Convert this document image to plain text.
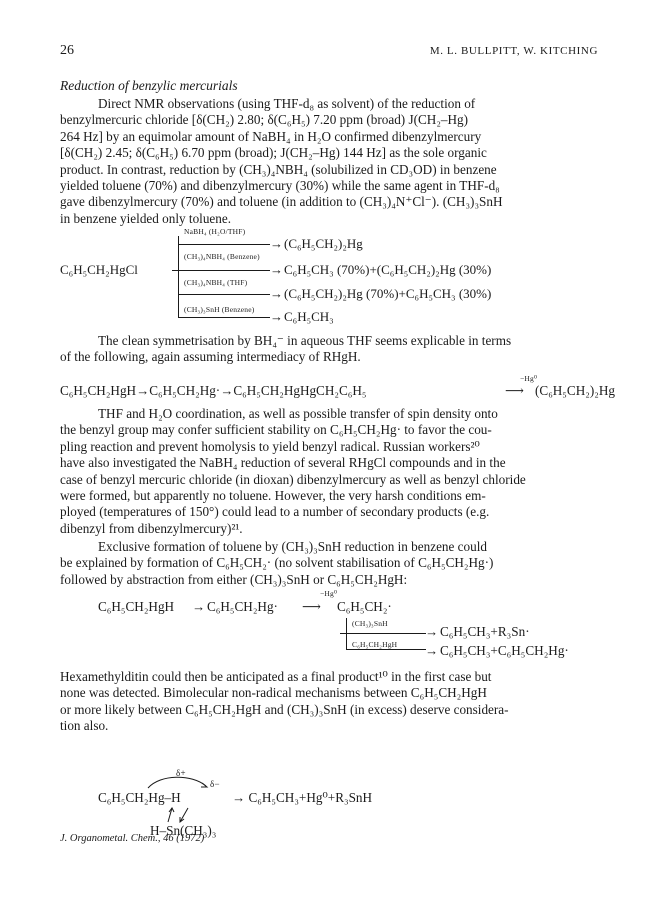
26	M. L. BULLPITT, W. KITCHING
Reduction of benzylic mercurials
Direct NMR observations (using THF-d₈ as solvent) of the reduction of
benzylmercuric chloride [δ(CH₂) 2.80; δ(C₆H₅) 7.20 ppm (broad) J(CH₂–Hg)
264 Hz] by an equimolar amount of NaBH₄ in H₂O confirmed dibenzylmercury
[δ(CH₂) 2.45; δ(C₆H₅) 6.70 ppm (broad); J(CH₂–Hg) 144 Hz] as the sole organic
product. In contrast, reduction by (CH₃)₄NBH₄ (solubilized in CD₃OD) in benzene
yielded toluene (70%) and dibenzylmercury (30%) while the same agent in THF-d₈
gave dibenzylmercury (70%) and toluene (in addition to (CH₃)₄N⁺Cl⁻). (CH₃)₃SnH
in benzene yielded only toluene.
C₆H₅CH₂HgCl
NaBH₄ (H₂O/THF)
→ (C₆H₅CH₂)₂Hg
(CH₃)₄NBH₄ (Benzene)
→ C₆H₅CH₃ (70%)+(C₆H₅CH₂)₂Hg (30%)
(CH₃)₄NBH₄ (THF)
→ (C₆H₅CH₂)₂Hg (70%)+C₆H₅CH₃ (30%)
(CH₃)₃SnH (Benzene) → C₆H₅CH₃
The clean symmetrisation by BH₄⁻ in aqueous THF seems explicable in terms
of the following, again assuming intermediacy of RHgH.
C₆H₅CH₂HgH→C₆H₅CH₂Hg·→C₆H₅CH₂HgHgCH₂C₆H₅
−Hg⁰
⟶ (C₆H₅CH₂)₂Hg
THF and H₂O coordination, as well as possible transfer of spin density onto
the benzyl group may confer sufficient stability on C₆H₅CH₂Hg· to favor the cou-
pling reaction and prevent homolysis to yield benzyl radical. Russian workers²⁰
have also investigated the NaBH₄ reduction of several RHgCl compounds and in the
case of benzyl mercuric chloride (in dioxan) dibenzylmercury as well as benzyl chloride
were formed, but apparently no toluene. However, the very harsh conditions em-
ployed (temperatures of 150°) could lead to a number of secondary products (e.g.
dibenzyl from dibenzylmercury)²¹.
Exclusive formation of toluene by (CH₃)₃SnH reduction in benzene could
be explained by formation of C₆H₅CH₂· (no solvent stabilisation of C₆H₅CH₂Hg·)
followed by abstraction from either (CH₃)₃SnH or C₆H₅CH₂HgH:
C₆H₅CH₂HgH → C₆H₅CH₂Hg·
−Hg⁰
⟶ C₆H₅CH₂·
(CH₃)₃SnH
→ C₆H₅CH₃+R₃Sn·
C₆H₅CH₂HgH → C₆H₅CH₃+C₆H₅CH₂Hg·
Hexamethylditin could then be anticipated as a final product¹⁰ in the first case but
none was detected. Bimolecular non-radical mechanisms between C₆H₅CH₂HgH
or more likely between C₆H₅CH₂HgH and (CH₃)₃SnH (in excess) deserve considera-
tion also.
δ+
δ−
C₆H₅CH₂Hg–H	→ C₆H₅CH₃+Hg⁰+R₃SnH
H–Sn(CH₃)₃
J. Organometal. Chem., 46 (1972)
